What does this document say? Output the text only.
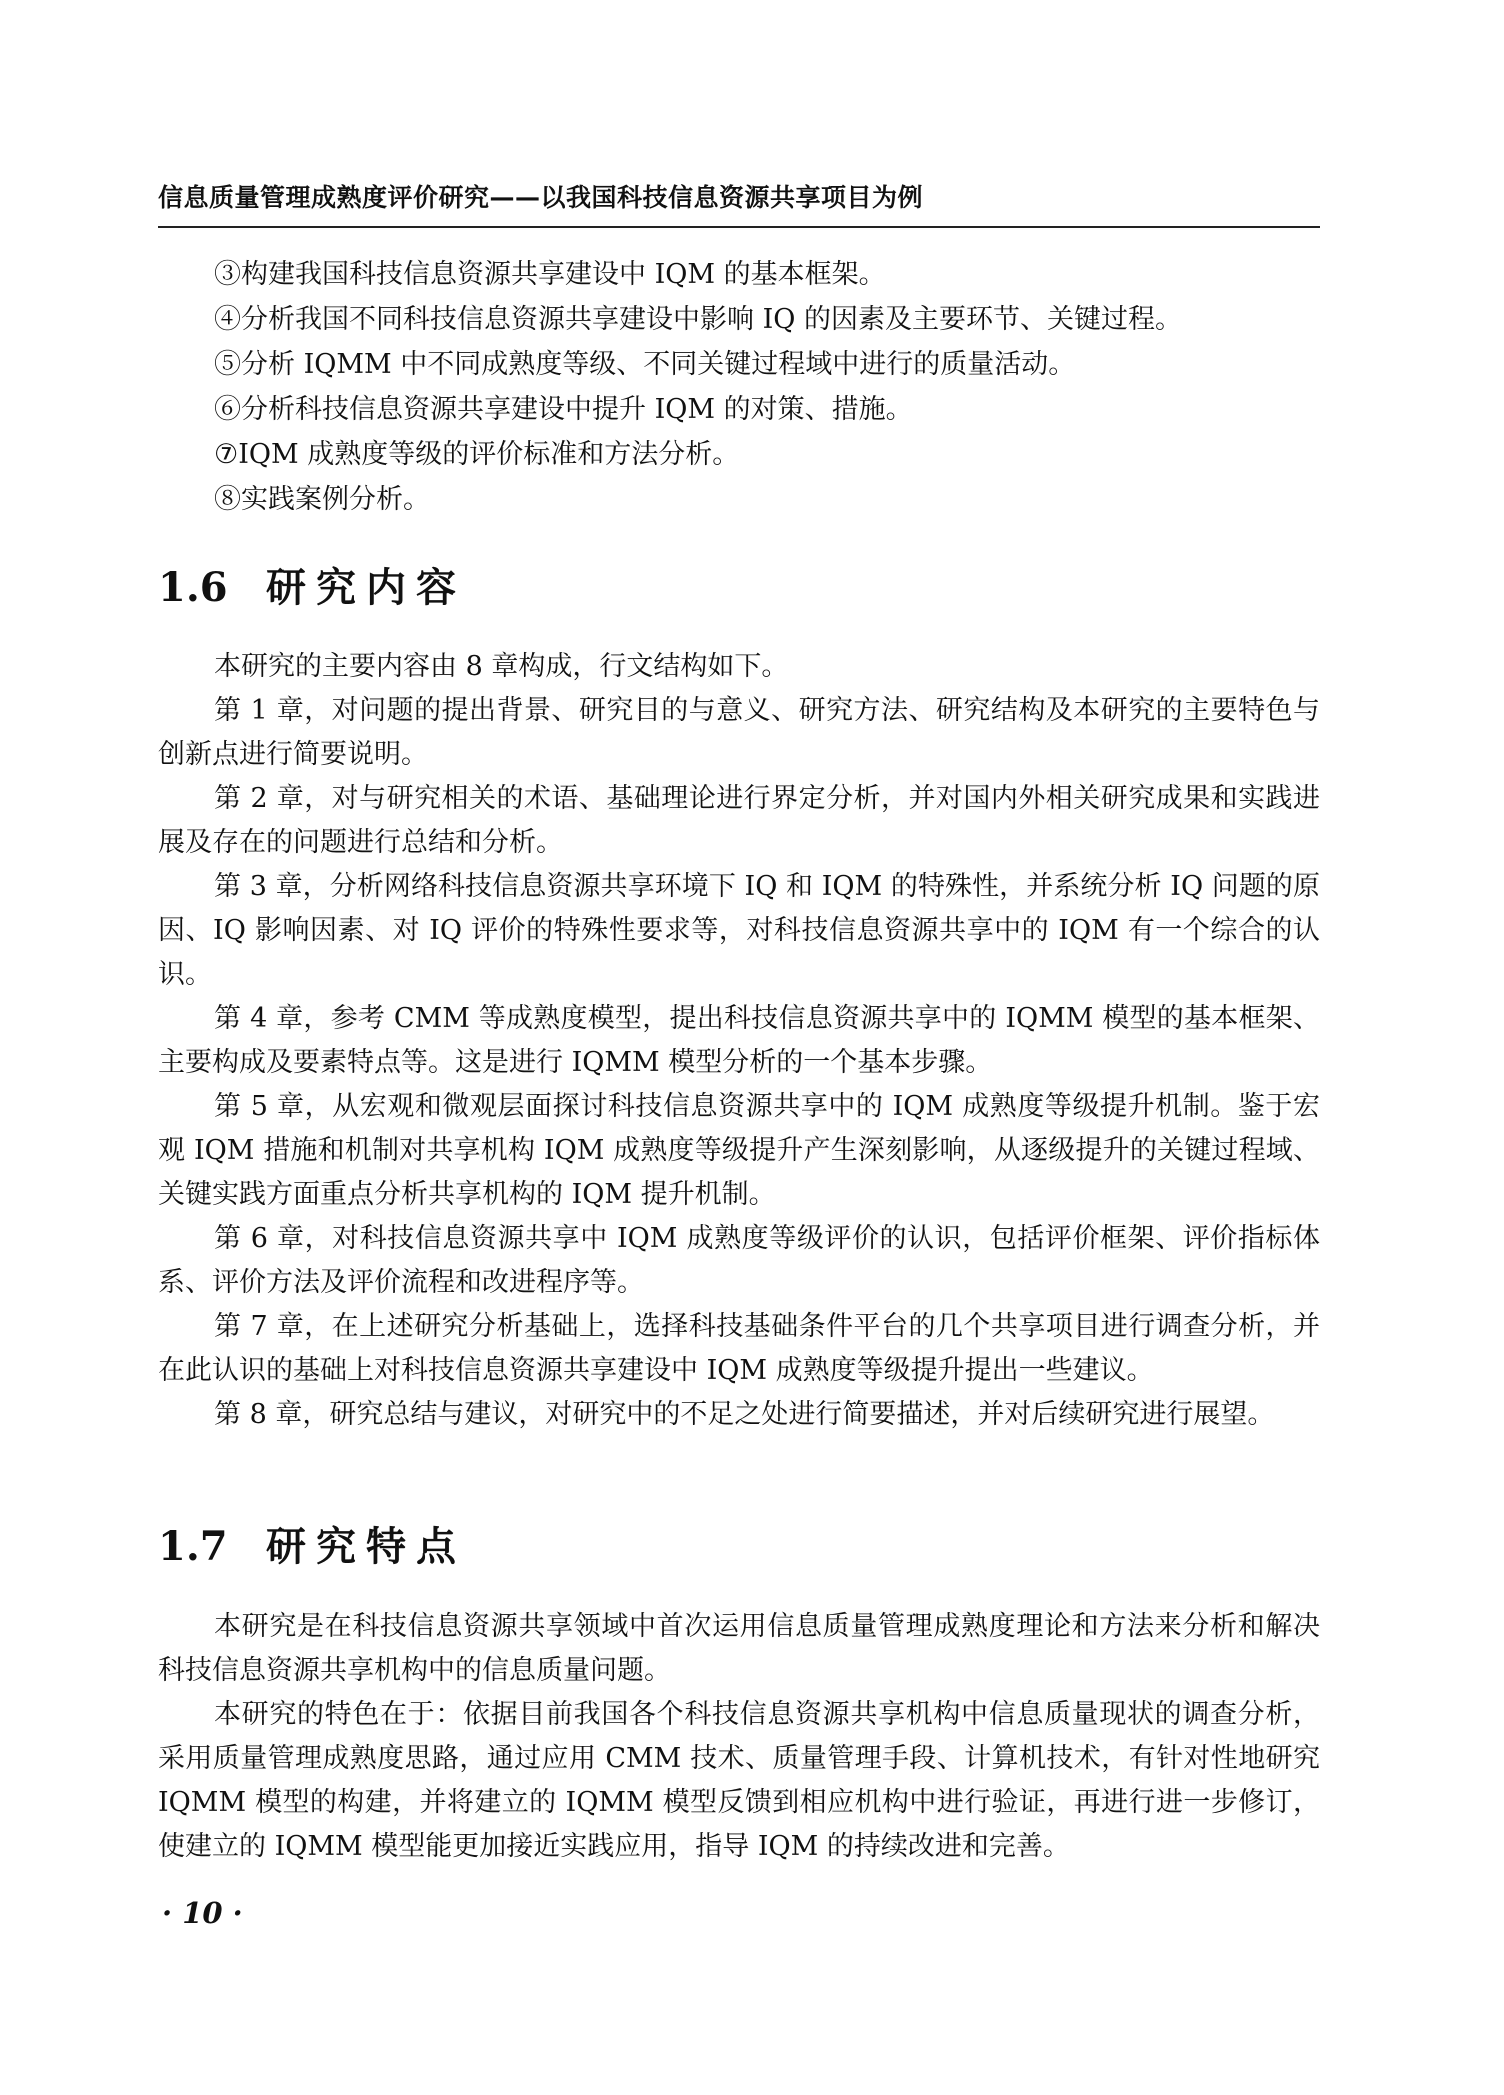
信息质量管理成熟度评价研究——以我国科技信息资源共享项目为例

③构建我国科技信息资源共享建设中 IQM 的基本框架。

④分析我国不同科技信息资源共享建设中影响 IQ 的因素及主要环节、关键过程。

⑤分析 IQMM 中不同成熟度等级、不同关键过程域中进行的质量活动。

⑥分析科技信息资源共享建设中提升 IQM 的对策、措施。

⑦IQM 成熟度等级的评价标准和方法分析。

⑧实践案例分析。

1.6 研究内容

本研究的主要内容由 8 章构成，行文结构如下。

第 1 章，对问题的提出背景、研究目的与意义、研究方法、研究结构及本研究的主要特色与创新点进行简要说明。

第 2 章，对与研究相关的术语、基础理论进行界定分析，并对国内外相关研究成果和实践进展及存在的问题进行总结和分析。

第 3 章，分析网络科技信息资源共享环境下 IQ 和 IQM 的特殊性，并系统分析 IQ 问题的原因、IQ 影响因素、对 IQ 评价的特殊性要求等，对科技信息资源共享中的 IQM 有一个综合的认识。

第 4 章，参考 CMM 等成熟度模型，提出科技信息资源共享中的 IQMM 模型的基本框架、主要构成及要素特点等。这是进行 IQMM 模型分析的一个基本步骤。

第 5 章，从宏观和微观层面探讨科技信息资源共享中的 IQM 成熟度等级提升机制。鉴于宏观 IQM 措施和机制对共享机构 IQM 成熟度等级提升产生深刻影响，从逐级提升的关键过程域、关键实践方面重点分析共享机构的 IQM 提升机制。

第 6 章，对科技信息资源共享中 IQM 成熟度等级评价的认识，包括评价框架、评价指标体系、评价方法及评价流程和改进程序等。

第 7 章，在上述研究分析基础上，选择科技基础条件平台的几个共享项目进行调查分析，并在此认识的基础上对科技信息资源共享建设中 IQM 成熟度等级提升提出一些建议。

第 8 章，研究总结与建议，对研究中的不足之处进行简要描述，并对后续研究进行展望。

1.7 研究特点

本研究是在科技信息资源共享领域中首次运用信息质量管理成熟度理论和方法来分析和解决科技信息资源共享机构中的信息质量问题。

本研究的特色在于：依据目前我国各个科技信息资源共享机构中信息质量现状的调查分析，采用质量管理成熟度思路，通过应用 CMM 技术、质量管理手段、计算机技术，有针对性地研究 IQMM 模型的构建，并将建立的 IQMM 模型反馈到相应机构中进行验证，再进行进一步修订，使建立的 IQMM 模型能更加接近实践应用，指导 IQM 的持续改进和完善。

· 10 ·
